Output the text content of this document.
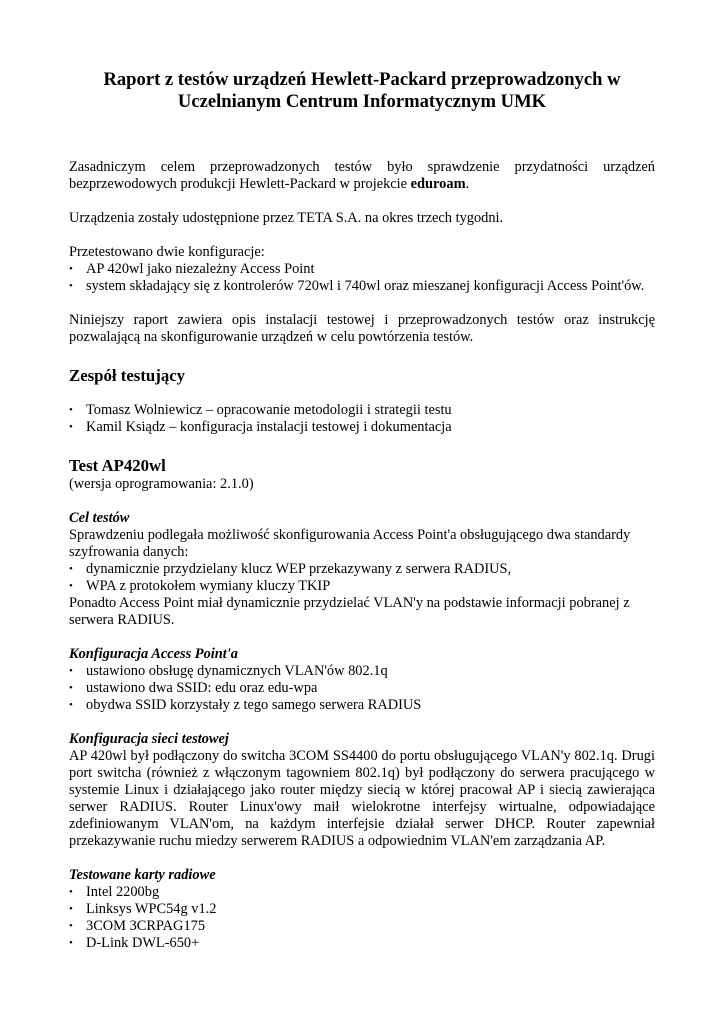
Raport z testów urządzeń Hewlett-Packard przeprowadzonych w
Uczelnianym Centrum Informatycznym UMK

Zasadniczym celem przeprowadzonych testów było sprawdzenie przydatności urządzeń bezprzewodowych produkcji Hewlett-Packard w projekcie eduroam.

Urządzenia zostały udostępnione przez TETA S.A. na okres trzech tygodni.

Przetestowano dwie konfiguracje:

• AP 420wl jako niezależny Access Point
• system składający się z kontrolerów 720wl i 740wl oraz mieszanej konfiguracji Access Point'ów.

Niniejszy raport zawiera opis instalacji testowej i przeprowadzonych testów oraz instrukcję pozwalającą na skonfigurowanie urządzeń w celu powtórzenia testów.

Zespół testujący
• Tomasz Wolniewicz – opracowanie metodologii i strategii testu
• Kamil Ksiądz – konfiguracja instalacji testowej i dokumentacja
Test AP420wl

(wersja oprogramowania: 2.1.0)

Cel testów

Sprawdzeniu podlegała możliwość skonfigurowania Access Point'a obsługującego dwa standardy szyfrowania danych:

• dynamicznie przydzielany klucz WEP przekazywany z serwera RADIUS,
• WPA z protokołem wymiany kluczy TKIP

Ponadto Access Point miał dynamicznie przydzielać VLAN'y na podstawie informacji pobranej z serwera RADIUS.

Konfiguracja Access Point'a
• ustawiono obsługę dynamicznych VLAN'ów 802.1q
• ustawiono dwa SSID: edu oraz edu-wpa
• obydwa SSID korzystały z tego samego serwera RADIUS
Konfiguracja sieci testowej

AP 420wl był podłączony do switcha 3COM SS4400 do portu obsługującego VLAN'y 802.1q. Drugi port switcha (również z włączonym tagowniem 802.1q) był podłączony do serwera pracującego w systemie Linux i działającego jako router między siecią w której pracował AP i siecią zawierająca serwer RADIUS. Router Linux'owy maił wielokrotne interfejsy wirtualne, odpowiadające zdefiniowanym VLAN'om, na każdym interfejsie działał serwer DHCP. Router zapewniał przekazywanie ruchu miedzy serwerem RADIUS a odpowiednim VLAN'em zarządzania AP.

Testowane karty radiowe
• Intel 2200bg
• Linksys WPC54g v1.2
• 3COM 3CRPAG175
• D-Link DWL-650+
